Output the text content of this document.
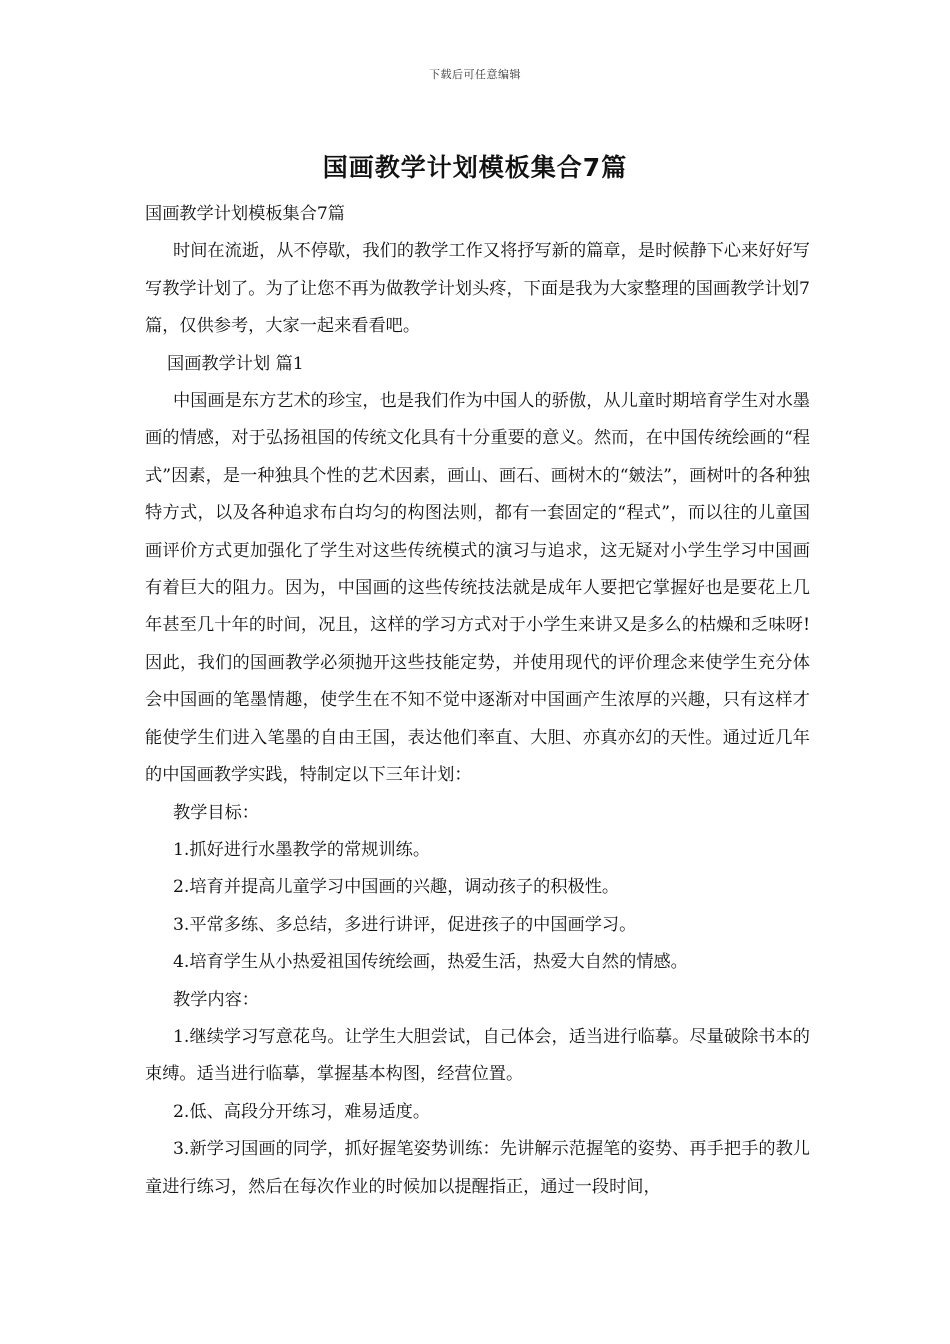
下载后可任意编辑
国画教学计划模板集合7篇

国画教学计划模板集合7篇

时间在流逝，从不停歇，我们的教学工作又将抒写新的篇章，是时候静下心来好好写写教学计划了。为了让您不再为做教学计划头疼，下面是我为大家整理的国画教学计划7篇，仅供参考，大家一起来看看吧。

国画教学计划 篇1

中国画是东方艺术的珍宝，也是我们作为中国人的骄傲，从儿童时期培育学生对水墨画的情感，对于弘扬祖国的传统文化具有十分重要的意义。然而，在中国传统绘画的“程式”因素，是一种独具个性的艺术因素，画山、画石、画树木的“皴法”，画树叶的各种独特方式，以及各种追求布白均匀的构图法则，都有一套固定的“程式”，而以往的儿童国画评价方式更加强化了学生对这些传统模式的演习与追求，这无疑对小学生学习中国画有着巨大的阻力。因为，中国画的这些传统技法就是成年人要把它掌握好也是要花上几年甚至几十年的时间，况且，这样的学习方式对于小学生来讲又是多么的枯燥和乏味呀!因此，我们的国画教学必须抛开这些技能定势，并使用现代的评价理念来使学生充分体会中国画的笔墨情趣，使学生在不知不觉中逐渐对中国画产生浓厚的兴趣，只有这样才能使学生们进入笔墨的自由王国，表达他们率直、大胆、亦真亦幻的天性。通过近几年的中国画教学实践，特制定以下三年计划：

教学目标：

1.抓好进行水墨教学的常规训练。

2.培育并提高儿童学习中国画的兴趣，调动孩子的积极性。

3.平常多练、多总结，多进行讲评，促进孩子的中国画学习。

4.培育学生从小热爱祖国传统绘画，热爱生活，热爱大自然的情感。

教学内容：

1.继续学习写意花鸟。让学生大胆尝试，自己体会，适当进行临摹。尽量破除书本的束缚。适当进行临摹，掌握基本构图，经营位置。

2.低、高段分开练习，难易适度。

3.新学习国画的同学，抓好握笔姿势训练：先讲解示范握笔的姿势、再手把手的教儿童进行练习，然后在每次作业的时候加以提醒指正，通过一段时间，
